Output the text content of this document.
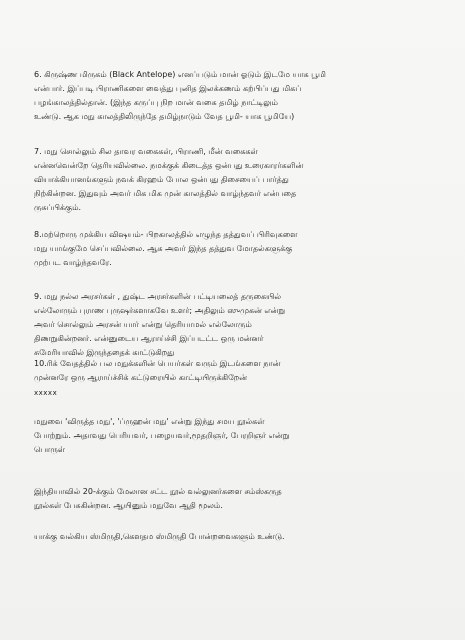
6. கிருஷ்ண மிருகம் (Black Antelope) எனப்படும் மான் ஓடும் இடமே யாக பூமி
என்பார். இப்படி பிராணிகளை வைத்து புனித இலக்கணம் கற்பிப்பது மிகப்
பழங்காலத்தில்தான். (இந்த கருப்பு நிற மான் வகை தமிழ் நாட்டிலும்
உண்டு. ஆக மநு காலத்திலிருந்தே தமிழ்நாடும் வேத பூமி- யாக பூமியே)
7. மநு சொல்லும் சில தாவர வகைகள், பிராணி, மீன் வகைகள்
என்னவென்றே தெரியவில்லை. நமக்குக் கிடைத்த ஒன்பது உரைகாரர்களின்
வியாக்கியானங்களும் நவக் கிரஹம் போல ஒன்பது திசையைப் பார்த்து
நிற்கின்றன. இதுவும் அவர் மிக மிக முன் காலத்தில் வாழ்ந்தவர் என்பதை
ருசுப்பிக்கும்.
8.மற்றொரு முக்கிய விஷயம்- பிறகாலத்தில் எழுந்த தத்துவப் பிரிவுகளை
மநு யாங்குமே செப்பவில்லை. ஆக அவர் இந்த தத்துவ மோதல்களுக்கு
முற்பட வாழ்ந்தவரே.
9. மநு நல்ல அரசர்கள் , துஷ்ட அரசர்களின் பட்டியலைத் தருகையில்
எல்லோரும் புராண புருஷர்களாகவே உளர்; அதிலும் ஸுமுகன் என்று
அவர் சொல்லும் அரசன் யார் என்று தெரியாமல் எல்லோரும்
திணறுகின்றனர். என்னுடைய ஆராய்ச்சி இப்படட்ட ஒரு மன்னர்
சுமேரியாவில் இருந்ததைக் காட்டுகிறது
10.ரிக் வேதத்தில் பல மநுக்களின் பெயர்கள் வரும் இடங்களை நான்
முன்னரே ஒரு ஆராய்ச்சிக் கட்டுரையில் காட்டியிருக்கிறேன்
xxxxx
மநுவை 'விருத்த மநு', 'ப்ருஹன் மநு' என்று இந்து சமய நூல்கள்
போற்றும். அதாவது பெரியவர், பழையவர்,மூதறிஞர், பேரறிஞர் என்று
பொருள்
இந்தியாவில் 20-க்கும் மேலான சட்ட நூல் வல்லுனர்களை சம்ஸ்கருத
நூல்கள் பேசுகின்றன. ஆயினும் மநுவே ஆதி மூலம்.
யாக்கு வல்கிய ஸ்மிருதி,கௌதம ஸ்மிருதி போன்றவைகளும் உண்டு.
